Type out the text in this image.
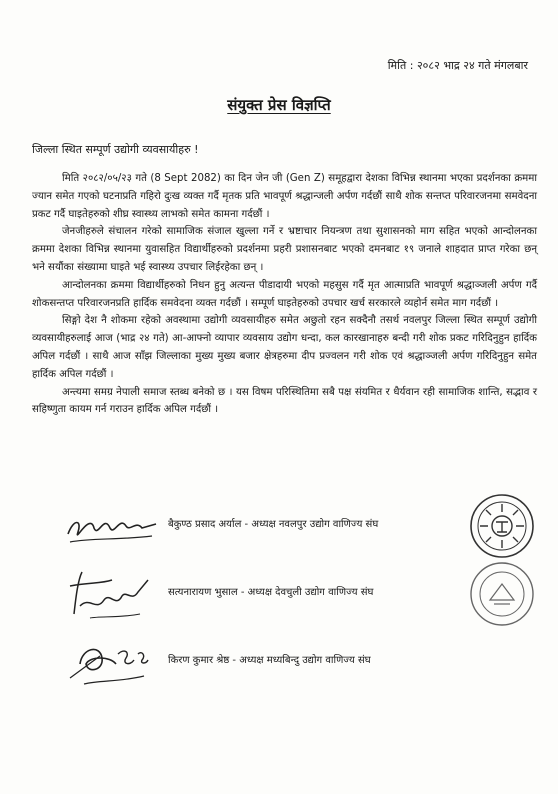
मिति : २०८२ भाद्र २४ गते मंगलबार
संयुक्त प्रेस विज्ञप्ति
जिल्ला स्थित सम्पूर्ण उद्योगी व्यवसायीहरु !

मिति २०८२/०५/२३ गते (8 Sept 2082) का दिन जेन जी (Gen Z) समूहद्वारा देशका विभिन्न स्थानमा भएका प्रदर्शनका क्रममा ज्यान समेत गएको घटनाप्रति गहिरो दुःख व्यक्त गर्दै मृतक प्रति भावपूर्ण श्रद्धान्जली अर्पण गर्दछौं साथै शोक सन्तप्त परिवारजनमा समवेदना प्रकट गर्दै घाइतेहरुको शीघ्र स्वास्थ्य लाभको समेत कामना गर्दछौं ।

जेनजीहरुले संचालन गरेको सामाजिक संजाल खुल्ला गर्ने र भ्रष्टाचार नियन्त्रण तथा सुशासनको माग सहित भएको आन्दोलनका क्रममा देशका विभिन्न स्थानमा युवासहित विद्यार्थीहरुको प्रदर्शनमा प्रहरी प्रशासनबाट भएको दमनबाट १९ जनाले शाहदात प्राप्त गरेका छन् भने सयौंका संख्यामा घाइते भई स्वास्थ्य उपचार लिईरहेका छन् ।

आन्दोलनका क्रममा विद्यार्थीहरुको निधन हुनु अत्यन्त पीडादायी भएको महसुस गर्दै मृत आत्माप्रति भावपूर्ण श्रद्धाञ्जली अर्पण गर्दै शोकसन्तप्त परिवारजनप्रति हार्दिक समवेदना व्यक्त गर्दछौं । सम्पूर्ण घाइतेहरुको उपचार खर्च सरकारले व्यहोर्न समेत माग गर्दछौं ।

सिङ्गो देश नै शोकमा रहेको अवस्थामा उद्योगी व्यवसायीहरु समेत अछुतो रहन सक्दैनौ तसर्थ नवलपुर जिल्ला स्थित सम्पूर्ण उद्योगी व्यवसायीहरुलाई आज (भाद्र २४ गते) आ-आफ्नो व्यापार व्यवसाय उद्योग धन्दा, कल कारखानाहरु बन्दी गरी शोक प्रकट गरिदिनुहुन हार्दिक अपिल गर्दछौं । साथै आज साँझ जिल्लाका मुख्य मुख्य बजार क्षेत्रहरुमा दीप प्रज्वलन गरी शोक एवं श्रद्धाञ्जली अर्पण गरिदिनुहुन समेत हार्दिक अपिल गर्दछौं ।

अन्त्यमा समग्र नेपाली समाज स्तब्ध बनेको छ । यस विषम परिस्थितिमा सबै पक्ष संयमित र धैर्यवान रही सामाजिक शान्ति, सद्भाव र सहिष्णुता कायम गर्न गराउन हार्दिक अपिल गर्दछौं ।

बैकुण्ठ प्रसाद अर्याल - अध्यक्ष नवलपुर उद्योग वाणिज्य संघ
सत्यनारायण भुसाल - अध्यक्ष देवचुली उद्योग वाणिज्य संघ
किरण कुमार श्रेष्ठ - अध्यक्ष मध्यबिन्दु उद्योग वाणिज्य संघ
